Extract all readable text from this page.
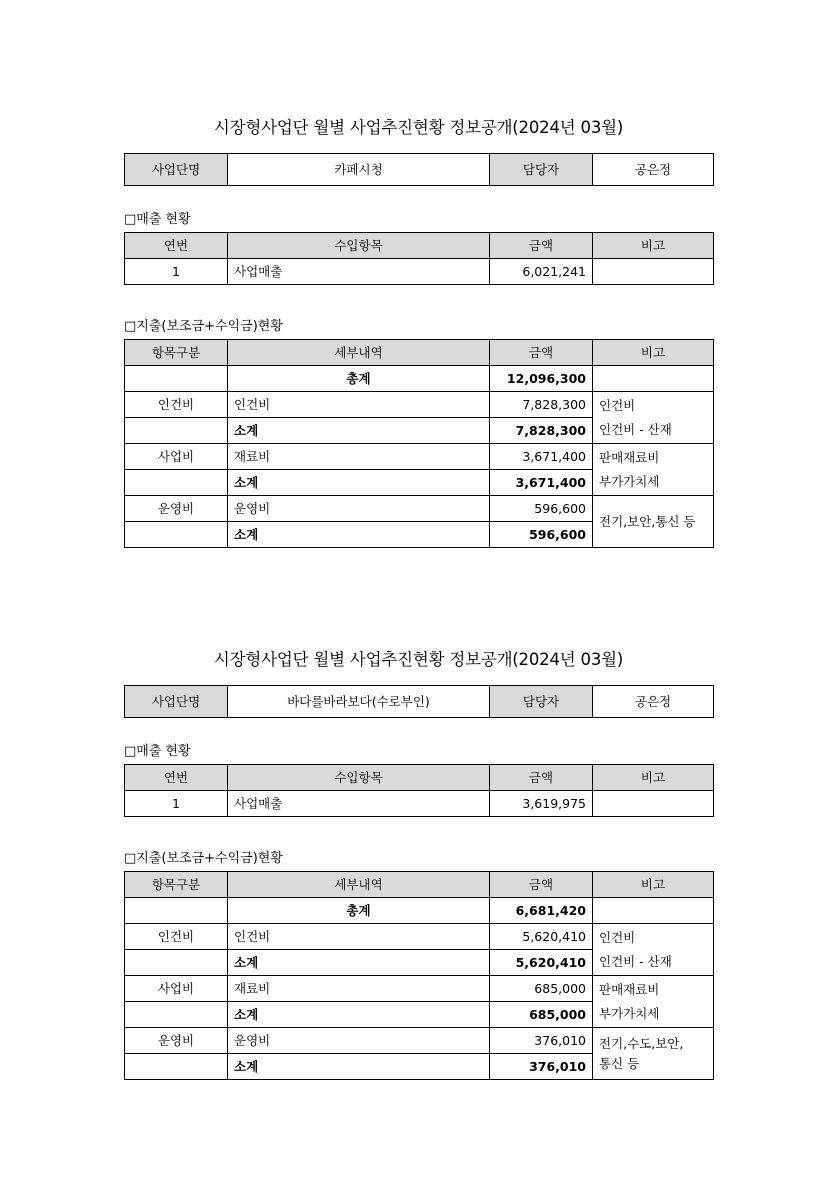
시장형사업단 월별 사업추진현황 정보공개(2024년 03월)
사업단명	카페시청	담당자	공은정
□매출 현황
연번	수입항목	금액	비고
1	사업매출	6,021,241	
□지출(보조금+수익금)현황
항목구분	세부내역	금액	비고
	총계	12,096,300	
인건비	인건비	7,828,300	인건비
인건비 - 산재

	소계	7,828,300	
사업비	재료비	3,671,400	판매재료비
부가가치세

	소계	3,671,400	
운영비	운영비	596,600	전기,보안,통신 등

	소계	596,600	
시장형사업단 월별 사업추진현황 정보공개(2024년 03월)
사업단명	바다를바라보다(수로부인)	담당자	공은정
□매출 현황
연번	수입항목	금액	비고
1	사업매출	3,619,975	
□지출(보조금+수익금)현황
항목구분	세부내역	금액	비고
	총계	6,681,420	
인건비	인건비	5,620,410	인건비
인건비 - 산재

	소계	5,620,410	
사업비	재료비	685,000	판매재료비
부가가치세

	소계	685,000	
운영비	운영비	376,010	전기,수도,보안,
통신 등

	소계	376,010	
